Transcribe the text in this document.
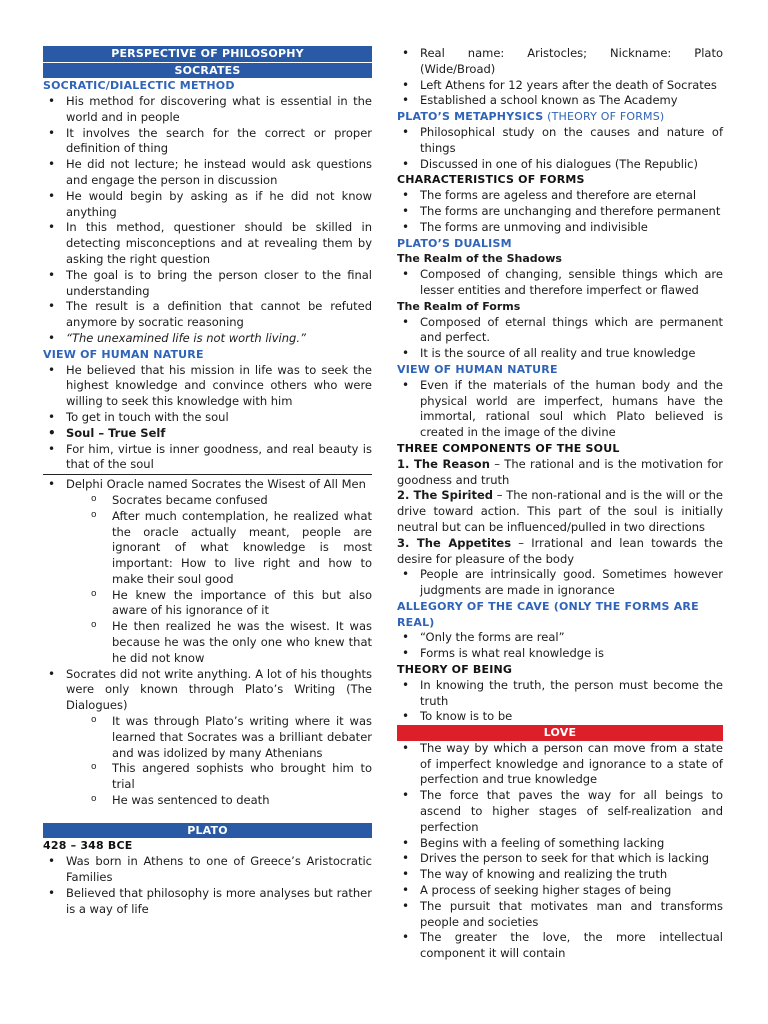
PERSPECTIVE OF PHILOSOPHY
SOCRATES
SOCRATIC/DIALECTIC METHOD
• His method for discovering what is essential in the world and in people
• It involves the search for the correct or proper definition of thing
• He did not lecture; he instead would ask questions and engage the person in discussion
• He would begin by asking as if he did not know anything
• In this method, questioner should be skilled in detecting misconceptions and at revealing them by asking the right question
• The goal is to bring the person closer to the final understanding
• The result is a definition that cannot be refuted anymore by socratic reasoning
• “The unexamined life is not worth living.”
VIEW OF HUMAN NATURE
• He believed that his mission in life was to seek the highest knowledge and convince others who were willing to seek this knowledge with him
• To get in touch with the soul
• Soul – True Self
• For him, virtue is inner goodness, and real beauty is that of the soul
• Delphi Oracle named Socrates the Wisest of All Men
o Socrates became confused
o After much contemplation, he realized what the oracle actually meant, people are ignorant of what knowledge is most important: How to live right and how to make their soul good
o He knew the importance of this but also aware of his ignorance of it
o He then realized he was the wisest. It was because he was the only one who knew that he did not know
• Socrates did not write anything. A lot of his thoughts were only known through Plato’s Writing (The Dialogues)
o It was through Plato’s writing where it was learned that Socrates was a brilliant debater and was idolized by many Athenians
o This angered sophists who brought him to trial
o He was sentenced to death
PLATO
428 – 348 BCE
• Was born in Athens to one of Greece’s Aristocratic Families
• Believed that philosophy is more analyses but rather is a way of life
• Real name: Aristocles; Nickname: Plato (Wide/Broad)
• Left Athens for 12 years after the death of Socrates
• Established a school known as The Academy
PLATO’S METAPHYSICS (THEORY OF FORMS)
• Philosophical study on the causes and nature of things
• Discussed in one of his dialogues (The Republic)
CHARACTERISTICS OF FORMS
• The forms are ageless and therefore are eternal
• The forms are unchanging and therefore permanent
• The forms are unmoving and indivisible
PLATO’S DUALISM
The Realm of the Shadows
• Composed of changing, sensible things which are lesser entities and therefore imperfect or flawed
The Realm of Forms
• Composed of eternal things which are permanent and perfect.
• It is the source of all reality and true knowledge
VIEW OF HUMAN NATURE
• Even if the materials of the human body and the physical world are imperfect, humans have the immortal, rational soul which Plato believed is created in the image of the divine
THREE COMPONENTS OF THE SOUL
1. The Reason – The rational and is the motivation for goodness and truth
2. The Spirited – The non-rational and is the will or the drive toward action. This part of the soul is initially neutral but can be influenced/pulled in two directions
3. The Appetites – Irrational and lean towards the desire for pleasure of the body
• People are intrinsically good. Sometimes however judgments are made in ignorance
ALLEGORY OF THE CAVE (ONLY THE FORMS ARE REAL)
• “Only the forms are real”
• Forms is what real knowledge is
THEORY OF BEING
• In knowing the truth, the person must become the truth
• To know is to be
LOVE
• The way by which a person can move from a state of imperfect knowledge and ignorance to a state of perfection and true knowledge
• The force that paves the way for all beings to ascend to higher stages of self-realization and perfection
• Begins with a feeling of something lacking
• Drives the person to seek for that which is lacking
• The way of knowing and realizing the truth
• A process of seeking higher stages of being
• The pursuit that motivates man and transforms people and societies
• The greater the love, the more intellectual component it will contain
